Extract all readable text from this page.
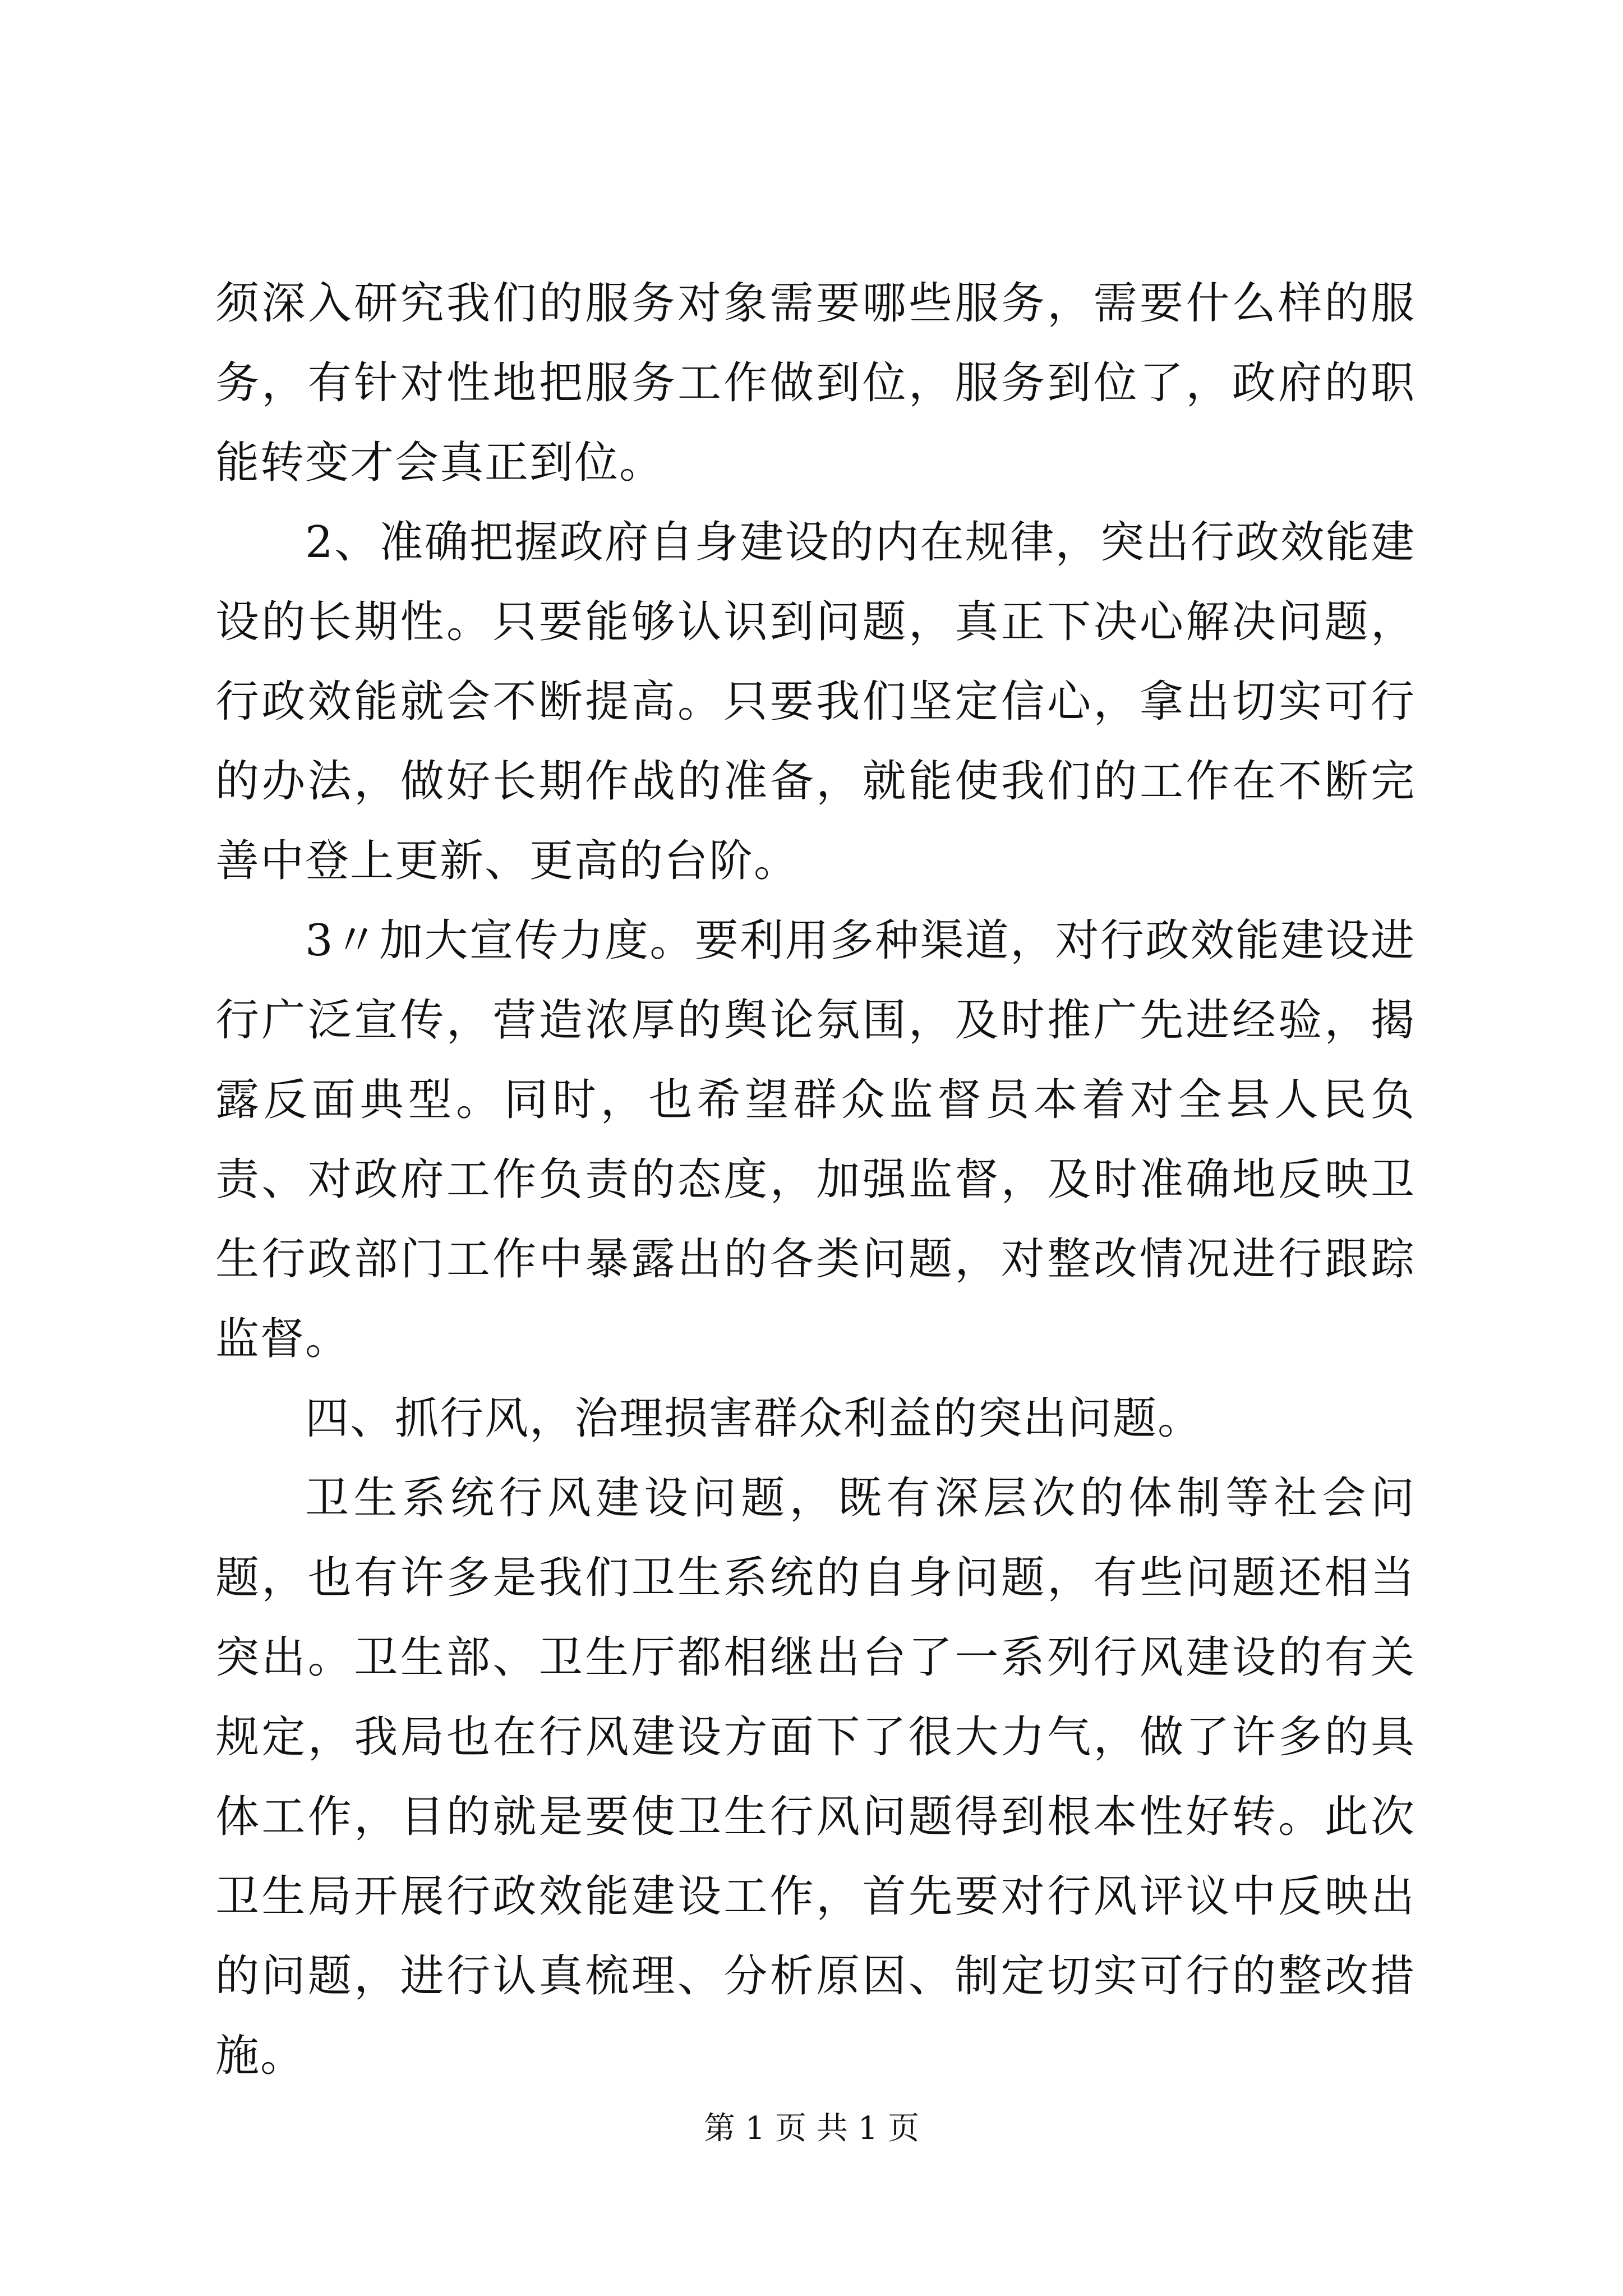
须深入研究我们的服务对象需要哪些服务，需要什么样的服务，有针对性地把服务工作做到位，服务到位了，政府的职能转变才会真正到位。

2、准确把握政府自身建设的内在规律，突出行政效能建设的长期性。只要能够认识到问题，真正下决心解决问题，行政效能就会不断提高。只要我们坚定信心，拿出切实可行的办法，做好长期作战的准备，就能使我们的工作在不断完善中登上更新、更高的台阶。

3〃加大宣传力度。要利用多种渠道，对行政效能建设进行广泛宣传，营造浓厚的舆论氛围，及时推广先进经验，揭露反面典型。同时，也希望群众监督员本着对全县人民负责、对政府工作负责的态度，加强监督，及时准确地反映卫生行政部门工作中暴露出的各类问题，对整改情况进行跟踪监督。

四、抓行风，治理损害群众利益的突出问题。

卫生系统行风建设问题，既有深层次的体制等社会问题，也有许多是我们卫生系统的自身问题，有些问题还相当突出。卫生部、卫生厅都相继出台了一系列行风建设的有关规定，我局也在行风建设方面下了很大力气，做了许多的具体工作，目的就是要使卫生行风问题得到根本性好转。此次卫生局开展行政效能建设工作，首先要对行风评议中反映出的问题，进行认真梳理、分析原因、制定切实可行的整改措施。

第 1 页 共 1 页
